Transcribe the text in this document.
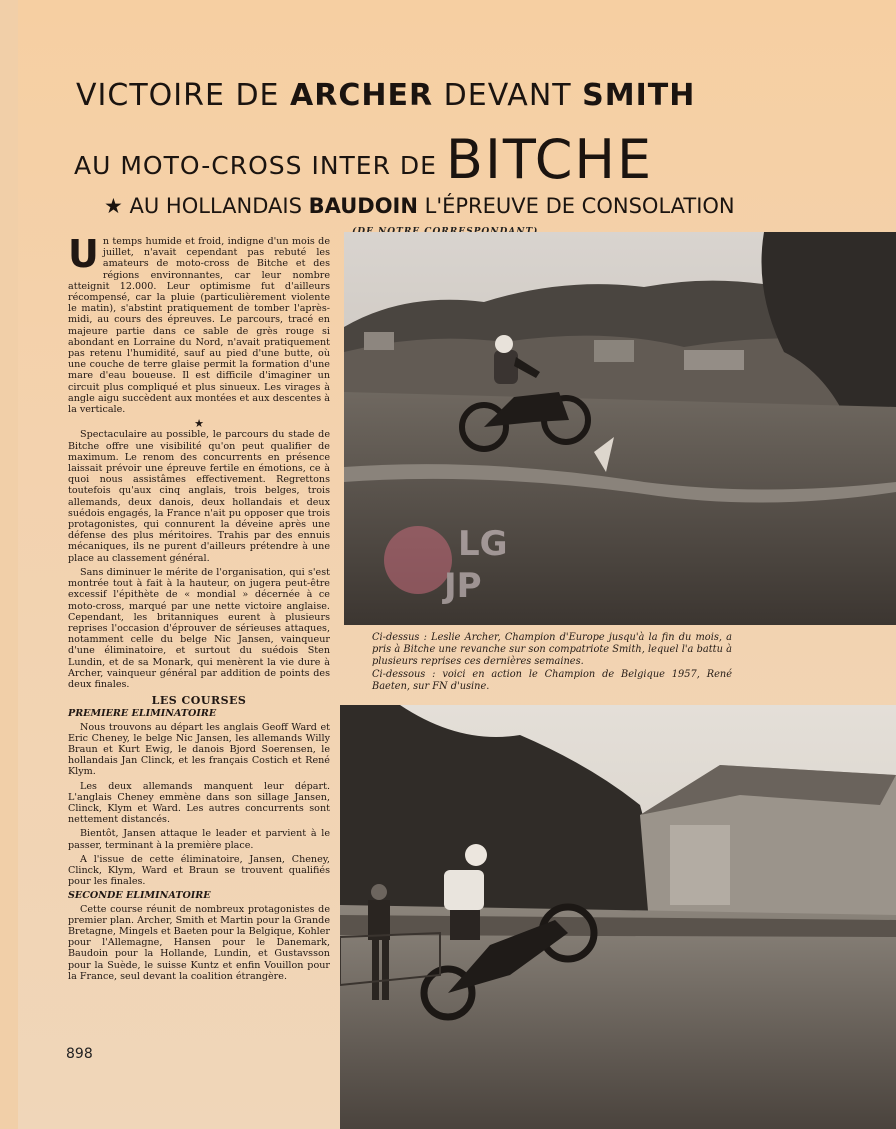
VICTOIRE DE ARCHER DEVANT SMITH
AU MOTO-CROSS INTER DE BITCHE
★ AU HOLLANDAIS BAUDOIN L'ÉPREUVE DE CONSOLATION

Un temps humide et froid, indigne d'un mois de juillet, n'avait cependant pas rebuté les amateurs de moto-cross de Bitche et des régions environnantes, car leur nombre atteignit 12.000. Leur optimisme fut d'ailleurs récompensé, car la pluie (particulièrement violente le matin), s'abstint pratiquement de tomber l'après-midi, au cours des épreuves. Le parcours, tracé en majeure partie dans ce sable de grès rouge si abondant en Lorraine du Nord, n'avait pratiquement pas retenu l'humidité, sauf au pied d'une butte, où une couche de terre glaise permit la formation d'une mare d'eau boueuse. Il est difficile d'imaginer un circuit plus compliqué et plus sinueux. Les virages à angle aigu succèdent aux montées et aux descentes à la verticale.

★

Spectaculaire au possible, le parcours du stade de Bitche offre une visibilité qu'on peut qualifier de maximum. Le renom des concurrents en présence laissait prévoir une épreuve fertile en émotions, ce à quoi nous assistâmes effectivement. Regrettons toutefois qu'aux cinq anglais, trois belges, trois allemands, deux danois, deux hollandais et deux suédois engagés, la France n'ait pu opposer que trois protagonistes, qui connurent la déveine après une défense des plus méritoires. Trahis par des ennuis mécaniques, ils ne purent d'ailleurs prétendre à une place au classement général.

Sans diminuer le mérite de l'organisation, qui s'est montrée tout à fait à la hauteur, on jugera peut-être excessif l'épithète de « mondial » décernée à ce moto-cross, marqué par une nette victoire anglaise. Cependant, les britanniques eurent à plusieurs reprises l'occasion d'éprouver de sérieuses attaques, notamment celle du belge Nic Jansen, vainqueur d'une éliminatoire, et surtout du suédois Sten Lundin, et de sa Monark, qui menèrent la vie dure à Archer, vainqueur général par addition de points des deux finales.

LES COURSES
PREMIERE ELIMINATOIRE

Nous trouvons au départ les anglais Geoff Ward et Eric Cheney, le belge Nic Jansen, les allemands Willy Braun et Kurt Ewig, le danois Bjord Soerensen, le hollandais Jan Clinck, et les français Costich et René Klym.

Les deux allemands manquent leur départ. L'anglais Cheney emmène dans son sillage Jansen, Clinck, Klym et Ward. Les autres concurrents sont nettement distancés.

Bientôt, Jansen attaque le leader et parvient à le passer, terminant à la première place.

A l'issue de cette éliminatoire, Jansen, Cheney, Clinck, Klym, Ward et Braun se trouvent qualifiés pour les finales.

SECONDE ELIMINATOIRE

Cette course réunit de nombreux protagonistes de premier plan. Archer, Smith et Martin pour la Grande Bretagne, Mingels et Baeten pour la Belgique, Kohler pour l'Allemagne, Hansen pour le Danemark, Baudoin pour la Hollande, Lundin, et Gustavsson pour la Suède, le suisse Kuntz et enfin Vouillon pour la France, seul devant la coalition étrangère.

LG
JP

Ci-dessus : Leslie Archer, Champion d'Europe jusqu'à la fin du mois, a pris à Bitche une revanche sur son compatriote Smith, lequel l'a battu à plusieurs reprises ces dernières semaines.

Ci-dessous : voici en action le Champion de Belgique 1957, René Baeten, sur FN d'usine.

898
